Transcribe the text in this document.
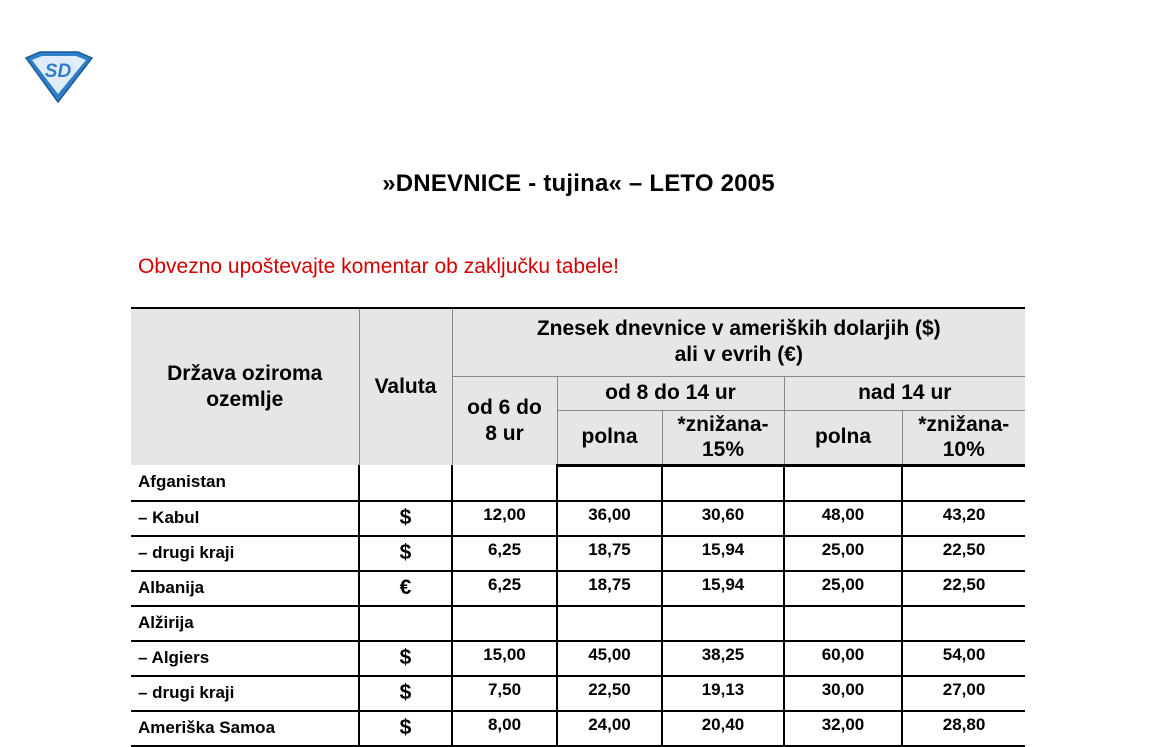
SD
»DNEVNICE - tujina« – LETO 2005
Obvezno upoštevajte komentar ob zaključku tabele!
Država oziroma ozemlje	Valuta	Znesek dnevnice v ameriških dolarjih ($) ali v evrih (€)				
		od 6 do 8 ur	od 8 do 14 ur		nad 14 ur	
			polna	*znižana-15%	polna	*znižana-10%
Afganistan						
– Kabul	$	12,00	36,00	30,60	48,00	43,20
– drugi kraji	$	6,25	18,75	15,94	25,00	22,50
Albanija	€	6,25	18,75	15,94	25,00	22,50
Alžirija						
– Algiers	$	15,00	45,00	38,25	60,00	54,00
– drugi kraji	$	7,50	22,50	19,13	30,00	27,00
Ameriška Samoa	$	8,00	24,00	20,40	32,00	28,80
